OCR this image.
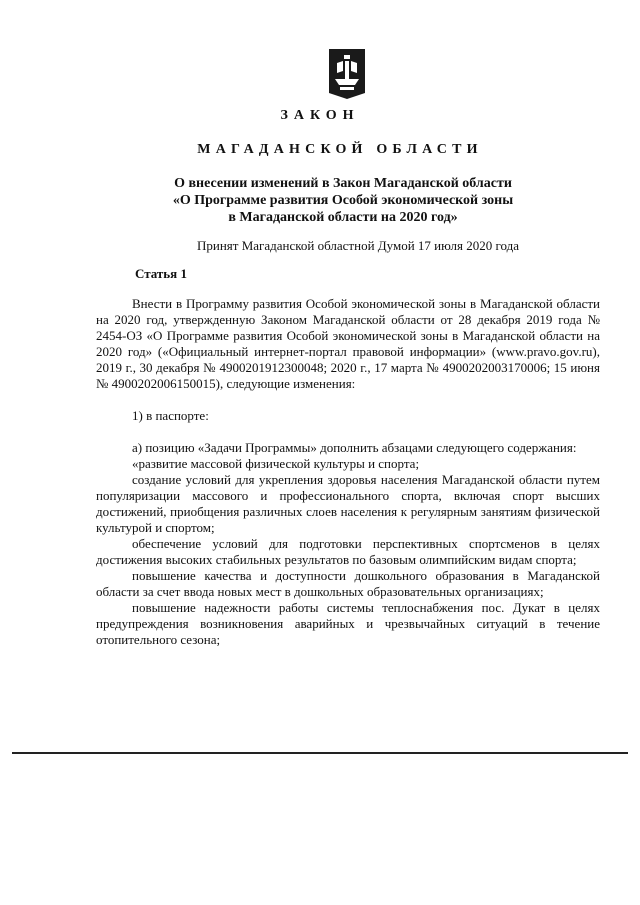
ЗАКОН
МАГАДАНСКОЙ ОБЛАСТИ
О внесении изменений в Закон Магаданской области
«О Программе развития Особой экономической зоны
в Магаданской области на 2020 год»
Принят Магаданской областной Думой 17 июля 2020 года
Статья 1

Внести в Программу развития Особой экономической зоны в Магаданской области на 2020 год, утвержденную Законом Магаданской области от 28 декабря 2019 года № 2454-ОЗ «О Программе развития Особой экономической зоны в Магаданской области на 2020 год» («Официальный интернет-портал правовой информации» (www.pravo.gov.ru), 2019 г., 30 декабря № 4900201912300048; 2020 г., 17 марта № 4900202003170006; 15 июня № 4900202006150015), следующие изменения:

1) в паспорте:

а) позицию «Задачи Программы» дополнить абзацами следующего содержания:

«развитие массовой физической культуры и спорта;

создание условий для укрепления здоровья населения Магаданской области путем популяризации массового и профессионального спорта, включая спорт высших достижений, приобщения различных слоев населения к регулярным занятиям физической культурой и спортом;

обеспечение условий для подготовки перспективных спортсменов в целях достижения высоких стабильных результатов по базовым олимпийским видам спорта;

повышение качества и доступности дошкольного образования в Магаданской области за счет ввода новых мест в дошкольных образовательных организациях;

повышение надежности работы системы теплоснабжения пос. Дукат в целях предупреждения возникновения аварийных и чрезвычайных ситуаций в течение отопительного сезона;
